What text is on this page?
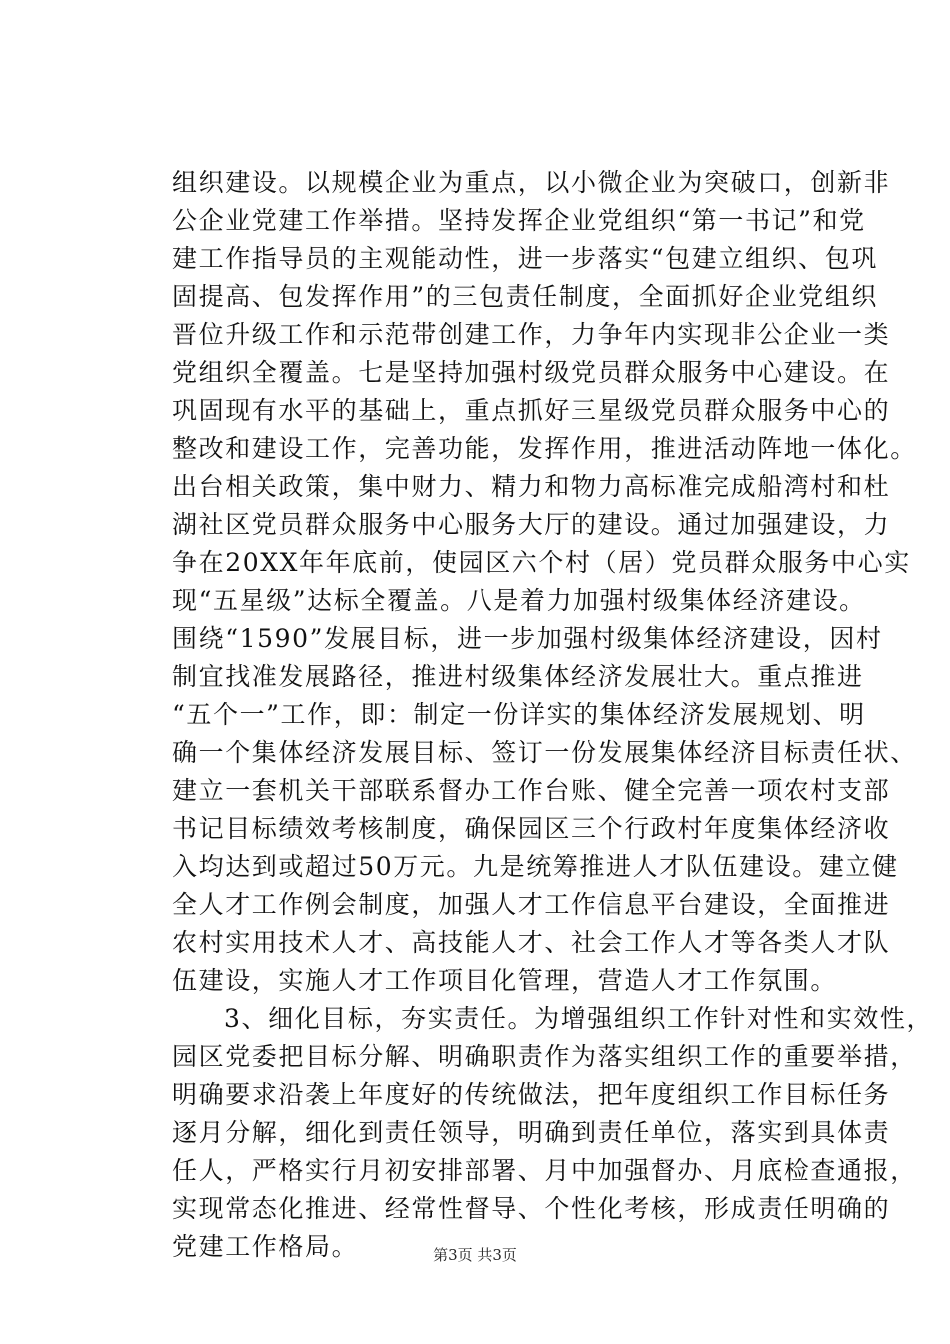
组织建设。以规模企业为重点，以小微企业为突破口，创新非
公企业党建工作举措。坚持发挥企业党组织“第一书记”和党
建工作指导员的主观能动性，进一步落实“包建立组织、包巩
固提高、包发挥作用”的三包责任制度，全面抓好企业党组织
晋位升级工作和示范带创建工作，力争年内实现非公企业一类
党组织全覆盖。七是坚持加强村级党员群众服务中心建设。在
巩固现有水平的基础上，重点抓好三星级党员群众服务中心的
整改和建设工作，完善功能，发挥作用，推进活动阵地一体化。
出台相关政策，集中财力、精力和物力高标准完成船湾村和杜
湖社区党员群众服务中心服务大厅的建设。通过加强建设，力
争在20XX年年底前，使园区六个村（居）党员群众服务中心实
现“五星级”达标全覆盖。八是着力加强村级集体经济建设。
围绕“1590”发展目标，进一步加强村级集体经济建设，因村
制宜找准发展路径，推进村级集体经济发展壮大。重点推进
“五个一”工作，即：制定一份详实的集体经济发展规划、明
确一个集体经济发展目标、签订一份发展集体经济目标责任状、
建立一套机关干部联系督办工作台账、健全完善一项农村支部
书记目标绩效考核制度，确保园区三个行政村年度集体经济收
入均达到或超过50万元。九是统筹推进人才队伍建设。建立健
全人才工作例会制度，加强人才工作信息平台建设，全面推进
农村实用技术人才、高技能人才、社会工作人才等各类人才队
伍建设，实施人才工作项目化管理，营造人才工作氛围。
3、细化目标，夯实责任。为增强组织工作针对性和实效性，
园区党委把目标分解、明确职责作为落实组织工作的重要举措，
明确要求沿袭上年度好的传统做法，把年度组织工作目标任务
逐月分解，细化到责任领导，明确到责任单位，落实到具体责
任人，严格实行月初安排部署、月中加强督办、月底检查通报，
实现常态化推进、经常性督导、个性化考核，形成责任明确的
党建工作格局。	第3页 共3页
